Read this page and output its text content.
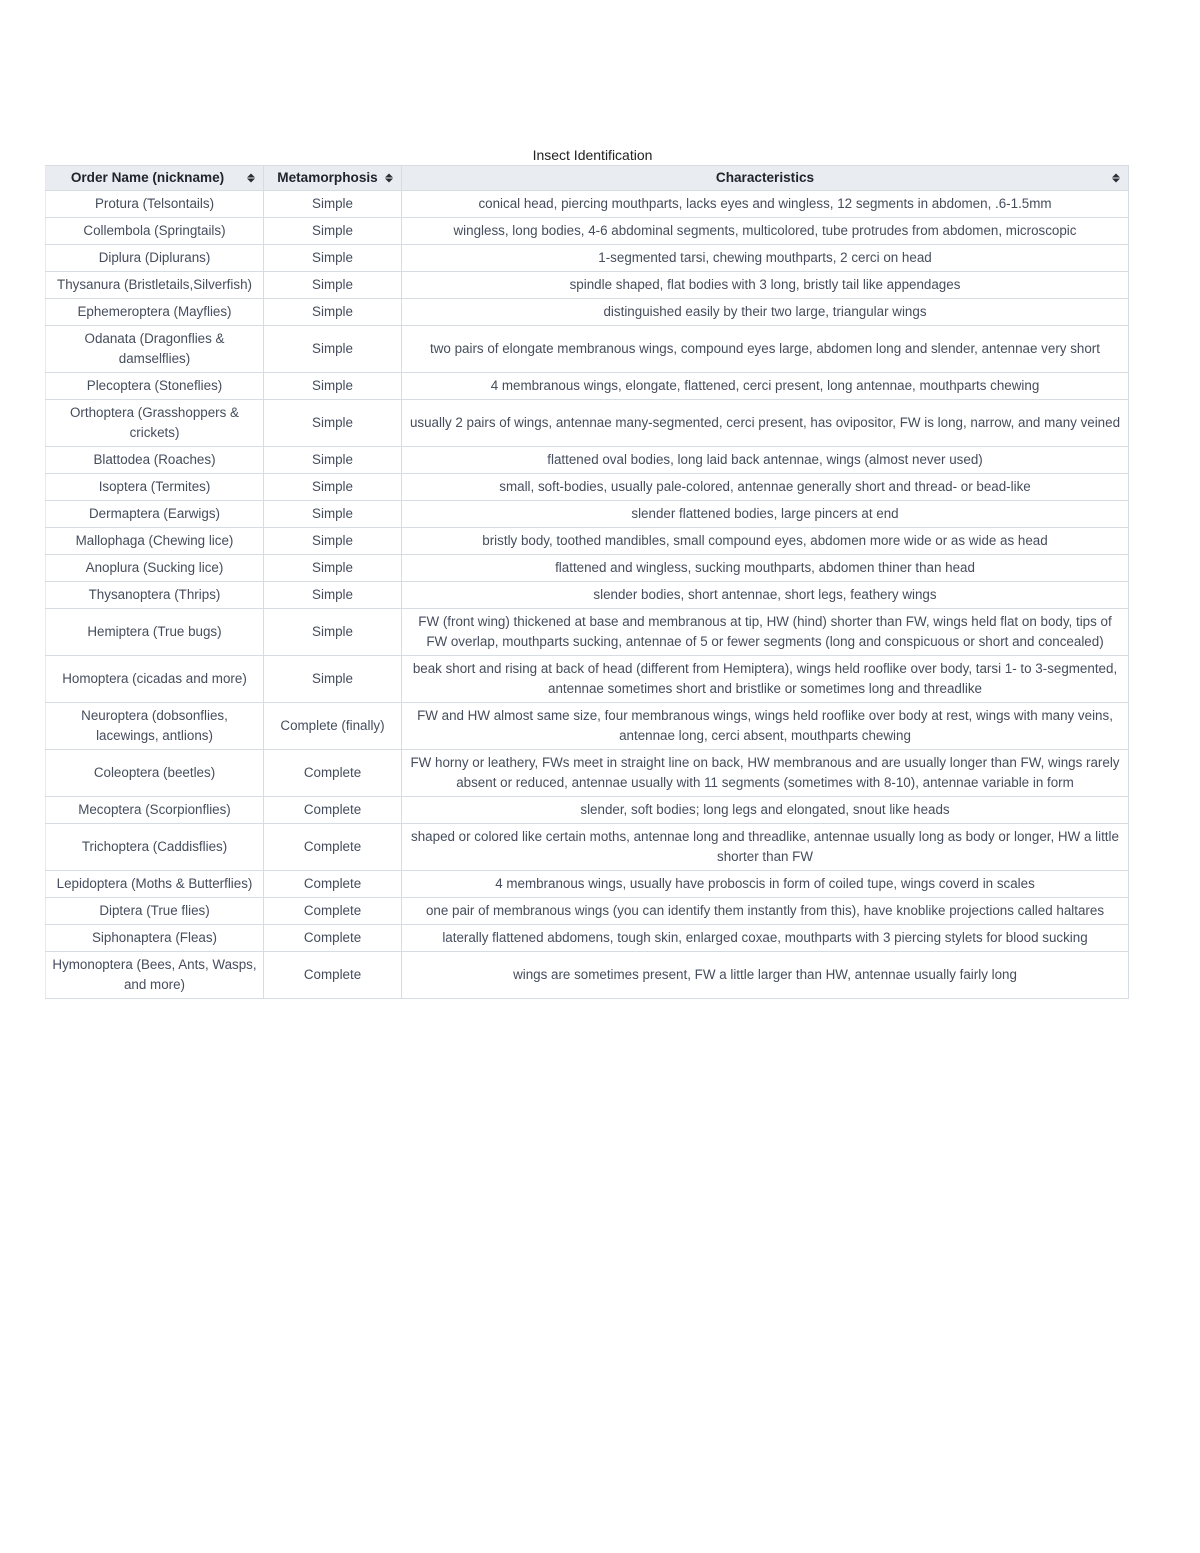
Insect Identification
Order Name (nickname)	Metamorphosis	Characteristics

Protura (Telsontails)	Simple	conical head, piercing mouthparts, lacks eyes and wingless, 12 segments in abdomen, .6-1.5mm
Collembola (Springtails)	Simple	wingless, long bodies, 4-6 abdominal segments, multicolored, tube protrudes from abdomen, microscopic
Diplura (Diplurans)	Simple	1-segmented tarsi, chewing mouthparts, 2 cerci on head
Thysanura (Bristletails,Silverfish)	Simple	spindle shaped, flat bodies with 3 long, bristly tail like appendages
Ephemeroptera (Mayflies)	Simple	distinguished easily by their two large, triangular wings
Odanata (Dragonflies & damselflies)	Simple	two pairs of elongate membranous wings, compound eyes large, abdomen long and slender, antennae very short
Plecoptera (Stoneflies)	Simple	4 membranous wings, elongate, flattened, cerci present, long antennae, mouthparts chewing
Orthoptera (Grasshoppers & crickets)	Simple	usually 2 pairs of wings, antennae many-segmented, cerci present, has ovipositor, FW is long, narrow, and many veined
Blattodea (Roaches)	Simple	flattened oval bodies, long laid back antennae, wings (almost never used)
Isoptera (Termites)	Simple	small, soft-bodies, usually pale-colored, antennae generally short and thread- or bead-like
Dermaptera (Earwigs)	Simple	slender flattened bodies, large pincers at end
Mallophaga (Chewing lice)	Simple	bristly body, toothed mandibles, small compound eyes, abdomen more wide or as wide as head
Anoplura (Sucking lice)	Simple	flattened and wingless, sucking mouthparts, abdomen thiner than head
Thysanoptera (Thrips)	Simple	slender bodies, short antennae, short legs, feathery wings
Hemiptera (True bugs)	Simple	FW (front wing) thickened at base and membranous at tip, HW (hind) shorter than FW, wings held flat on body, tips of FW overlap, mouthparts sucking, antennae of 5 or fewer segments (long and conspicuous or short and concealed)
Homoptera (cicadas and more)	Simple	beak short and rising at back of head (different from Hemiptera), wings held rooflike over body, tarsi 1- to 3-segmented, antennae sometimes short and bristlike or sometimes long and threadlike
Neuroptera (dobsonflies, lacewings, antlions)	Complete (finally)	FW and HW almost same size, four membranous wings, wings held rooflike over body at rest, wings with many veins, antennae long, cerci absent, mouthparts chewing
Coleoptera (beetles)	Complete	FW horny or leathery, FWs meet in straight line on back, HW membranous and are usually longer than FW, wings rarely absent or reduced, antennae usually with 11 segments (sometimes with 8-10), antennae variable in form
Mecoptera (Scorpionflies)	Complete	slender, soft bodies; long legs and elongated, snout like heads
Trichoptera (Caddisflies)	Complete	shaped or colored like certain moths, antennae long and threadlike, antennae usually long as body or longer, HW a little shorter than FW
Lepidoptera (Moths & Butterflies)	Complete	4 membranous wings, usually have proboscis in form of coiled tupe, wings coverd in scales
Diptera (True flies)	Complete	one pair of membranous wings (you can identify them instantly from this), have knoblike projections called haltares
Siphonaptera (Fleas)	Complete	laterally flattened abdomens, tough skin, enlarged coxae, mouthparts with 3 piercing stylets for blood sucking
Hymonoptera (Bees, Ants, Wasps, and more)	Complete	wings are sometimes present, FW a little larger than HW, antennae usually fairly long
